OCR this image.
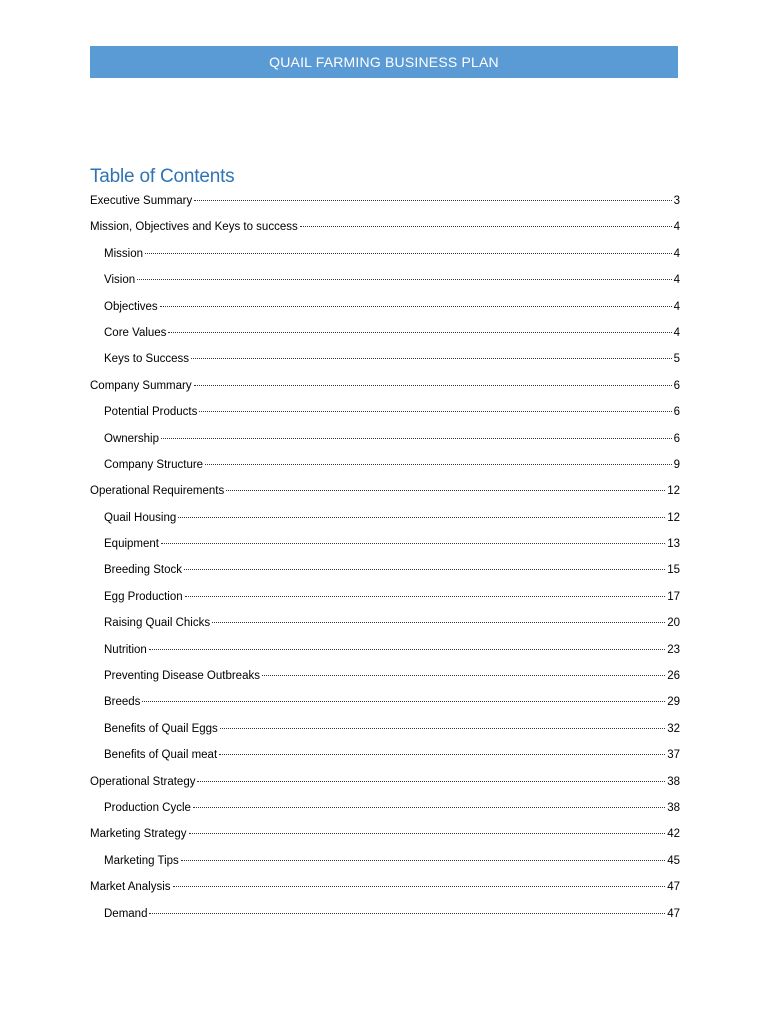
QUAIL FARMING BUSINESS PLAN
Table of Contents
Executive Summary	3
Mission, Objectives and Keys to success	4
Mission	4
Vision	4
Objectives	4
Core Values	4
Keys to Success	5
Company Summary	6
Potential Products	6
Ownership	6
Company Structure	9
Operational Requirements	12
Quail Housing	12
Equipment	13
Breeding Stock	15
Egg Production	17
Raising Quail Chicks	20
Nutrition	23
Preventing Disease Outbreaks	26
Breeds	29
Benefits of Quail Eggs	32
Benefits of Quail meat	37
Operational Strategy	38
Production Cycle	38
Marketing Strategy	42
Marketing Tips	45
Market Analysis	47
Demand	47
